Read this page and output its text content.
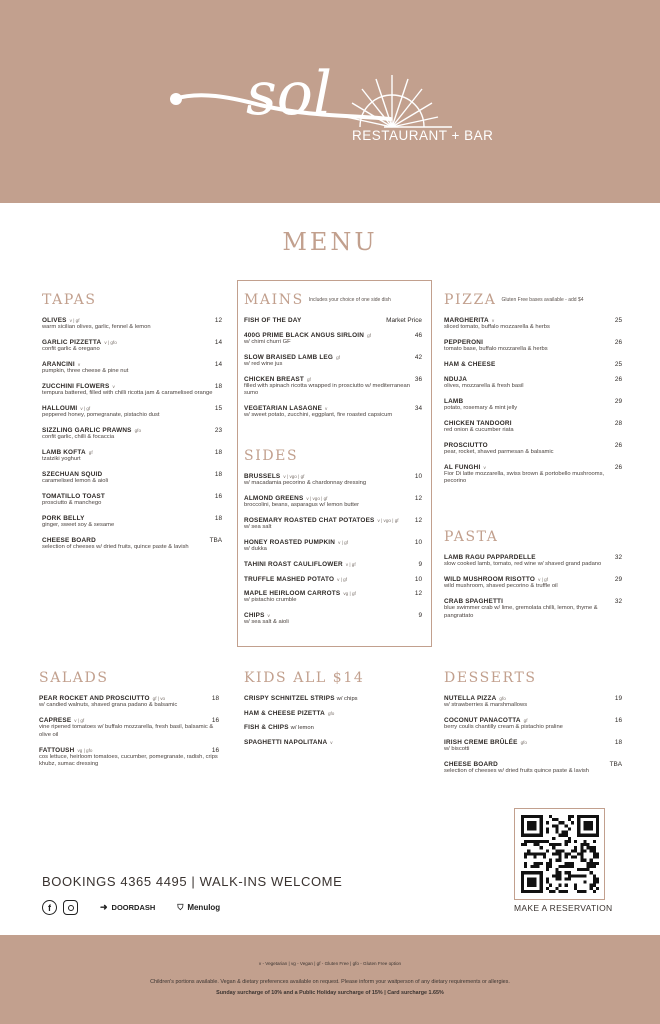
sol
RESTAURANT + BAR
MENU
TAPAS
OLIVES v | gf	12
warm sicilian olives, garlic, fennel & lemon
GARLIC PIZZETTA v | gfo	14
confit garlic & oregano
ARANCINI v	14
pumpkin, three cheese & pine nut
ZUCCHINI FLOWERS v	18
tempura battered, filled with chilli ricotta jam & caramelised orange
HALLOUMI v | gf	15
peppered honey, pomegranate, pistachio dust
SIZZLING GARLIC PRAWNS gfo	23
confit garlic, chilli & focaccia
LAMB KOFTA gf	18
tzatziki yoghurt
SZECHUAN SQUID	18
caramelised lemon & aioli
TOMATILLO TOAST	16
prosciutto & manchego
PORK BELLY	18
ginger, sweet soy & sesame
CHEESE BOARD	TBA
selection of cheeses w/ dried fruits, quince paste & lavish
MAINS Includes your choice of one side dish
FISH OF THE DAY	Market Price
400G PRIME BLACK ANGUS SIRLOIN gf	46
w/ chimi churri GF
SLOW BRAISED LAMB LEG gf	42
w/ red wine jus
CHICKEN BREAST gf	36
filled with spinach ricotta wrapped in prosciutto w/ mediterranean sumo
VEGETARIAN LASAGNE v	34
w/ sweet potato, zucchini, eggplant, fire roasted capsicum
SIDES
BRUSSELS v | vgo | gf	10
w/ macadamia pecorino & chardonnay dressing
ALMOND GREENS v | vgo | gf	12
broccolini, beans, asparagus w/ lemon butter
ROSEMARY ROASTED CHAT POTATOES v | vgo | gf	12
w/ sea salt
HONEY ROASTED PUMPKIN v | gf	10
w/ dukka
TAHINI ROAST CAULIFLOWER v | gf	9
TRUFFLE MASHED POTATO v | gf	10
MAPLE HEIRLOOM CARROTS vg | gf	12
w/ pistachio crumble
CHIPS v	9
w/ sea salt & aioli
PIZZA Gluten Free bases available - add $4
MARGHERITA v	25
sliced tomato, buffalo mozzarella & herbs
PEPPERONI	26
tomato base, buffalo mozzarella & herbs
HAM & CHEESE	25
NDUJA	26
olives, mozzarella & fresh basil
LAMB	29
potato, rosemary & mint jelly
CHICKEN TANDOORI	28
red onion & cucumber riata
PROSCIUTTO	26
pear, rocket, shaved parmesan & balsamic
AL FUNGHI v	26
Fior Di latte mozzarella, swiss brown & portobello mushrooms, pecorino
PASTA
LAMB RAGU PAPPARDELLE	32
slow cooked lamb, tomato, red wine w/ shaved grand padano
WILD MUSHROOM RISOTTO v | gf	29
wild mushroom, shaved pecorino & truffle oil
CRAB SPAGHETTI	32
blue swimmer crab w/ lime, gremolata chilli, lemon, thyme & pangrattato
SALADS
PEAR ROCKET AND PROSCIUTTO gf | vo	18
w/ candied walnuts, shaved grana padano & balsamic
CAPRESE v | gf	16
vine ripened tomatoes w/ buffalo mozzarella, fresh basil, balsamic & olive oil
FATTOUSH vg | gfo	16
cos lettuce, heirloom tomatoes, cucumber, pomegranate, radish, crips khubz, sumac dressing
KIDS ALL $14
CRISPY SCHNITZEL STRIPS w/ chips
HAM & CHEESE PIZETTA gfo
FISH & CHIPS w/ lemon
SPAGHETTI NAPOLITANA v
DESSERTS
NUTELLA PIZZA gfo	19
w/ strawberries & marshmallows
COCONUT PANACOTTA gf	16
berry coulis chantilly cream & pistachio praline
IRISH CREME BRÛLÉE gfo	18
w/ biscotti
CHEESE BOARD	TBA
selection of cheeses w/ dried fruits quince paste & lavish
BOOKINGS 4365 4495 | WALK-INS WELCOME
f	➜ DOORDASH	⛉ Menulog	MAKE A RESERVATION
v - Vegetarian | vg - Vegan | gf - Gluten Free | gfo - Gluten Free option
Children's portions available. Vegan & dietary preferences available on request. Please inform your waitperson of any dietary requirements or allergies.
Sunday surcharge of 10% and a Public Holiday surcharge of 15% | Card surcharge 1.65%
